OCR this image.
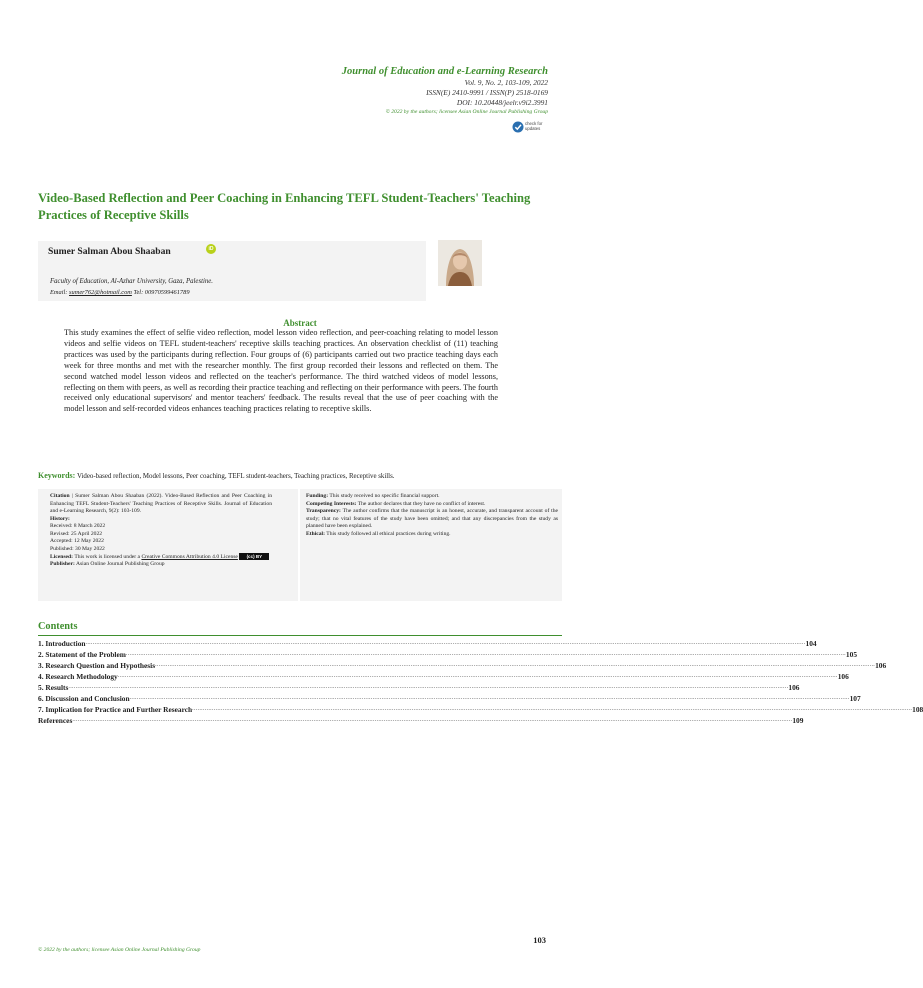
Journal of Education and e-Learning Research
Vol. 9, No. 2, 103-109, 2022
ISSN(E) 2410-9991 / ISSN(P) 2518-0169
DOI: 10.20448/jeelr.v9i2.3991
© 2022 by the authors; licensee Asian Online Journal Publishing Group
check for updates
Video-Based Reflection and Peer Coaching in Enhancing TEFL Student-Teachers' Teaching Practices of Receptive Skills
Sumer Salman Abou Shaaban	iD
Faculty of Education, Al-Azhar University, Gaza, Palestine.
Email: sumer762@hotmail.com Tel: 00970599461789
Abstract
This study examines the effect of selfie video reflection, model lesson video reflection, and peer-coaching relating to model lesson videos and selfie videos on TEFL student-teachers' receptive skills teaching practices. An observation checklist of (11) teaching practices was used by the participants during reflection. Four groups of (6) participants carried out two practice teaching days each week for three months and met with the researcher monthly. The first group recorded their lessons and reflected on them. The second watched model lesson videos and reflected on the teacher's performance. The third watched videos of model lessons, reflecting on them with peers, as well as recording their practice teaching and reflecting on their performance with peers. The fourth received only educational supervisors' and mentor teachers' feedback. The results reveal that the use of peer coaching with the model lesson and self-recorded videos enhances teaching practices relating to receptive skills.
Keywords: Video-based reflection, Model lessons, Peer coaching, TEFL student-teachers, Teaching practices, Receptive skills.
Citation | Sumer Salman Abou Shaaban (2022). Video-Based Reflection and Peer Coaching in Enhancing TEFL Student-Teachers' Teaching Practices of Receptive Skills. Journal of Education and e-Learning Research, 9(2): 103-109.
History:
Received: 8 March 2022
Revised: 25 April 2022
Accepted: 12 May 2022
Published: 30 May 2022
Licensed: This work is licensed under a Creative Commons Attribution 4.0 License (cc) BY
Publisher: Asian Online Journal Publishing Group
Funding: This study received no specific financial support.
Competing Interests: The author declares that they have no conflict of interest.
Transparency: The author confirms that the manuscript is an honest, accurate, and transparent account of the study; that no vital features of the study have been omitted; and that any discrepancies from the study as planned have been explained.
Ethical: This study followed all ethical practices during writing.
Contents
1. Introduction ................................................................................................................................................................................................................................................................................................................................................................................................................ 104
2. Statement of the Problem ................................................................................................................................................................................................................................................................................................................................................................................................................ 105
3. Research Question and Hypothesis ................................................................................................................................................................................................................................................................................................................................................................................................................ 106
4. Research Methodology ................................................................................................................................................................................................................................................................................................................................................................................................................ 106
5. Results ................................................................................................................................................................................................................................................................................................................................................................................................................ 106
6. Discussion and Conclusion ................................................................................................................................................................................................................................................................................................................................................................................................................ 107
7. Implication for Practice and Further Research ................................................................................................................................................................................................................................................................................................................................................................................................................ 108
References ................................................................................................................................................................................................................................................................................................................................................................................................................ 109
© 2022 by the authors; licensee Asian Online Journal Publishing Group
103
